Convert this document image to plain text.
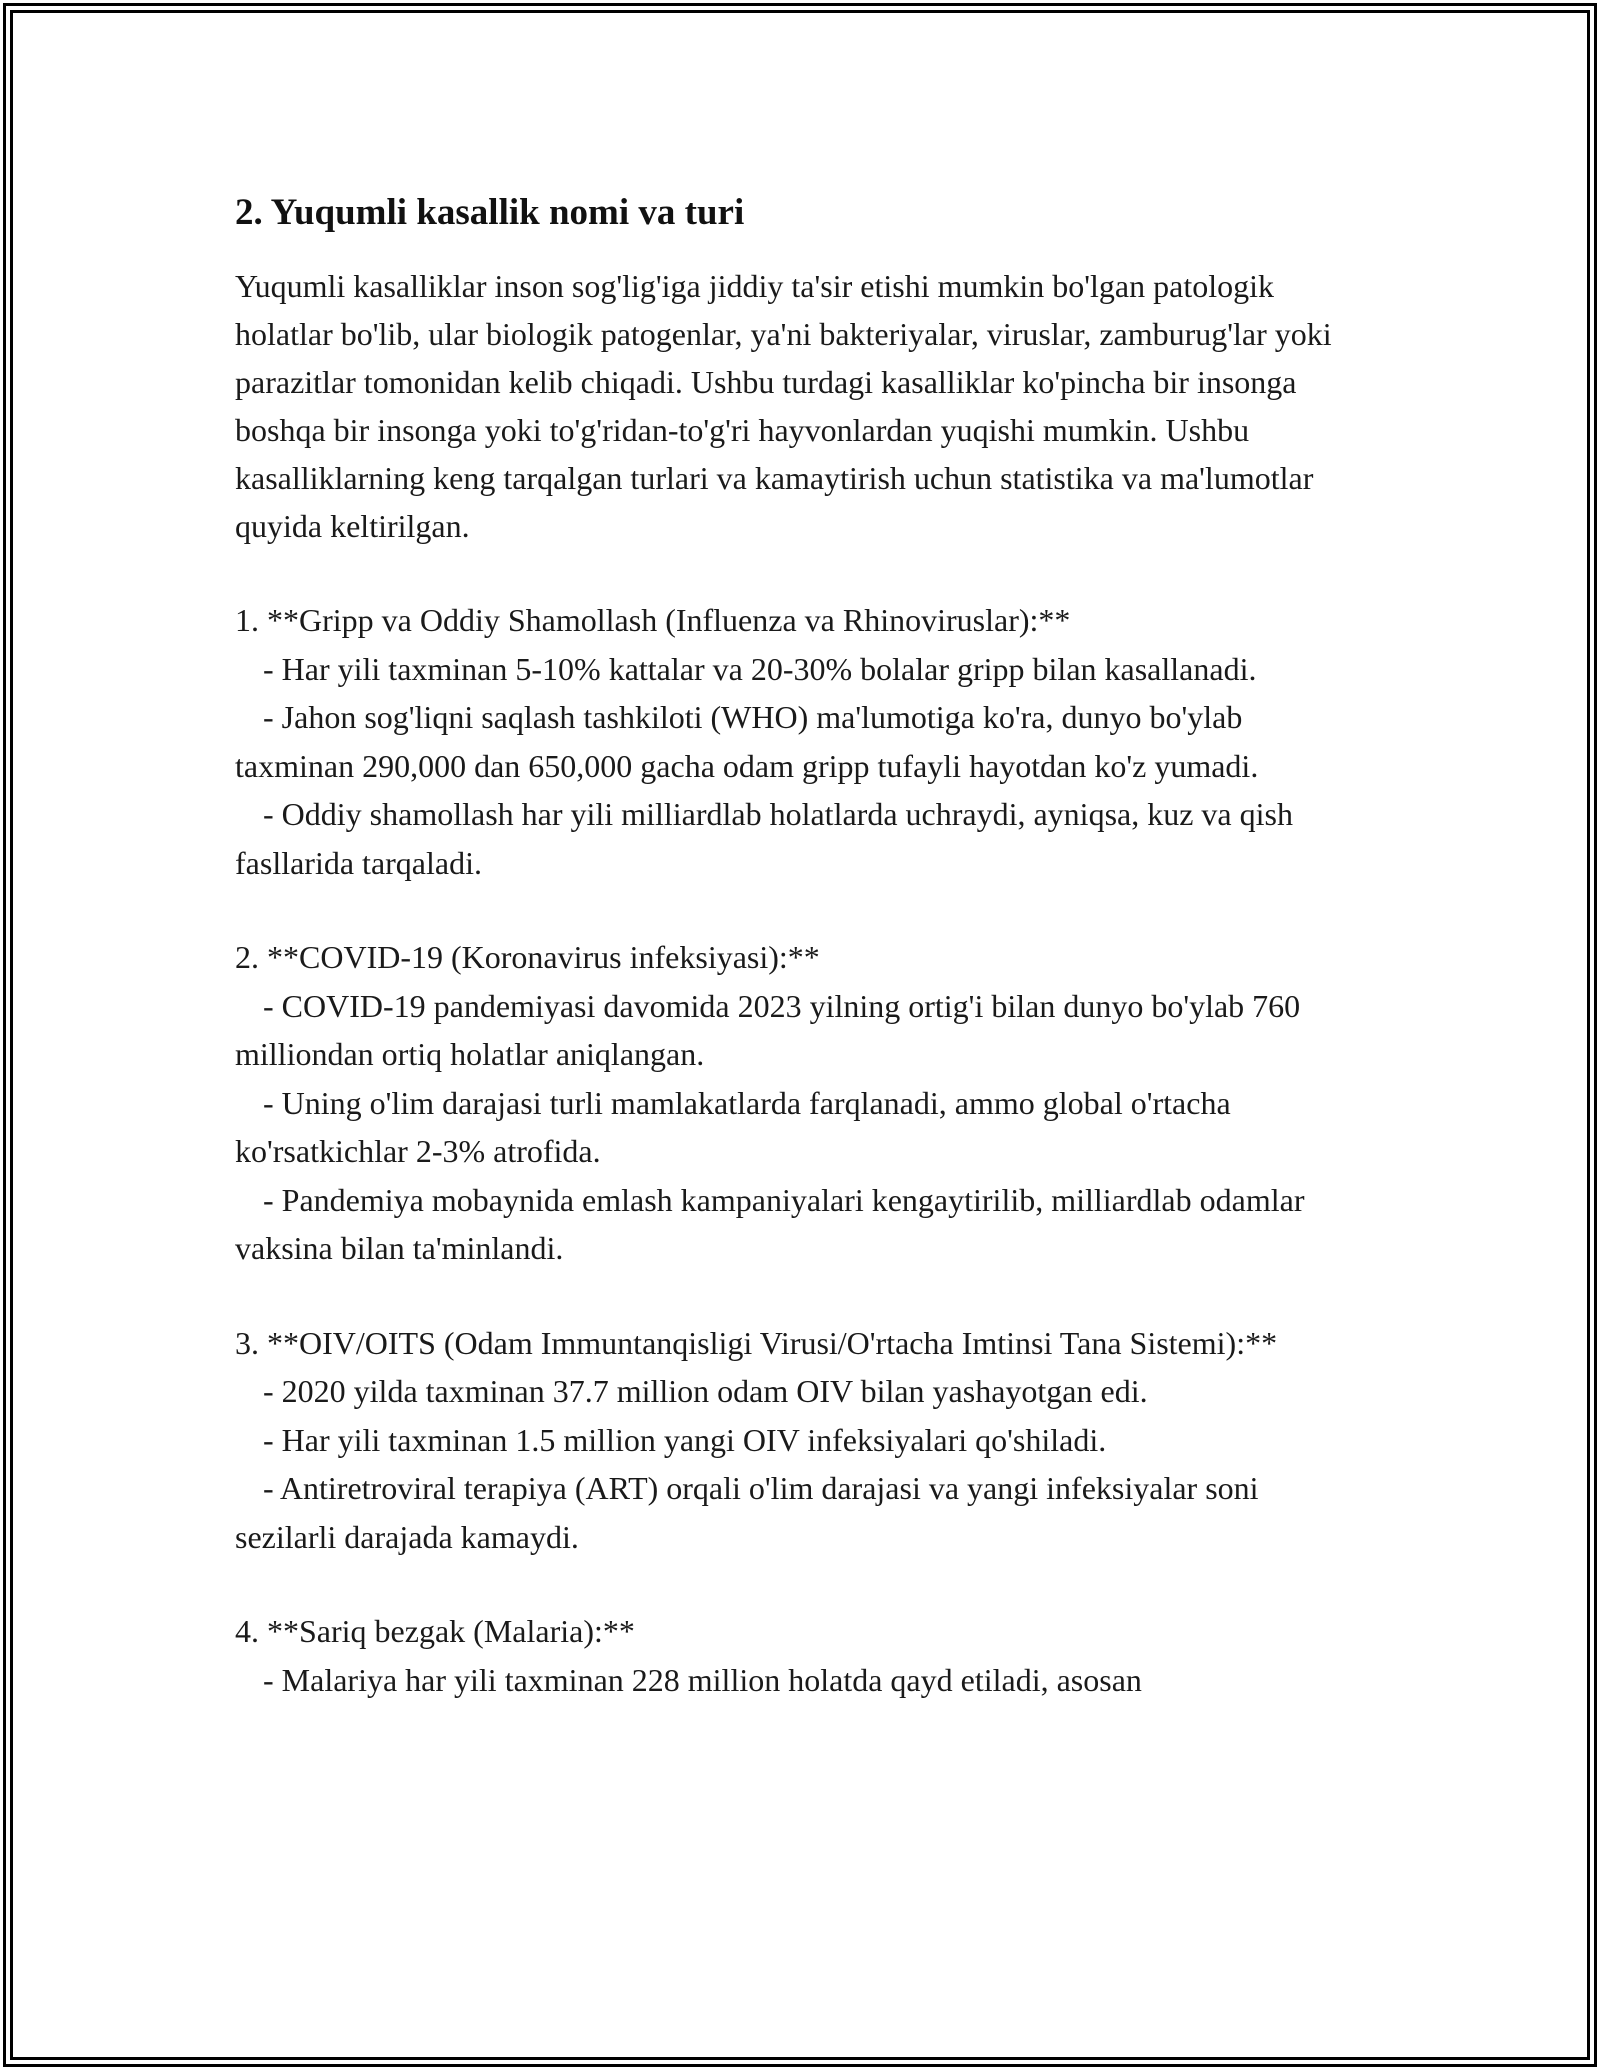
2. Yuqumli kasallik nomi va turi

Yuqumli kasalliklar inson sog'lig'iga jiddiy ta'sir etishi mumkin bo'lgan patologik holatlar bo'lib, ular biologik patogenlar, ya'ni bakteriyalar, viruslar, zamburug'lar yoki parazitlar tomonidan kelib chiqadi. Ushbu turdagi kasalliklar ko'pincha bir insonga boshqa bir insonga yoki to'g'ridan-to'g'ri hayvonlardan yuqishi mumkin. Ushbu kasalliklarning keng tarqalgan turlari va kamaytirish uchun statistika va ma'lumotlar quyida keltirilgan.

1. **Gripp va Oddiy Shamollash (Influenza va Rhinoviruslar):**
- Har yili taxminan 5-10% kattalar va 20-30% bolalar gripp bilan kasallanadi.
- Jahon sog'liqni saqlash tashkiloti (WHO) ma'lumotiga ko'ra, dunyo bo'ylab taxminan 290,000 dan 650,000 gacha odam gripp tufayli hayotdan ko'z yumadi.
- Oddiy shamollash har yili milliardlab holatlarda uchraydi, ayniqsa, kuz va qish fasllarida tarqaladi.
2. **COVID-19 (Koronavirus infeksiyasi):**
- COVID-19 pandemiyasi davomida 2023 yilning ortig'i bilan dunyo bo'ylab 760 milliondan ortiq holatlar aniqlangan.
- Uning o'lim darajasi turli mamlakatlarda farqlanadi, ammo global o'rtacha ko'rsatkichlar 2-3% atrofida.
- Pandemiya mobaynida emlash kampaniyalari kengaytirilib, milliardlab odamlar vaksina bilan ta'minlandi.
3. **OIV/OITS (Odam Immuntanqisligi Virusi/O'rtacha Imtinsi Tana Sistemi):**
- 2020 yilda taxminan 37.7 million odam OIV bilan yashayotgan edi.
- Har yili taxminan 1.5 million yangi OIV infeksiyalari qo'shiladi.
- Antiretroviral terapiya (ART) orqali o'lim darajasi va yangi infeksiyalar soni sezilarli darajada kamaydi.
4. **Sariq bezgak (Malaria):**
- Malariya har yili taxminan 228 million holatda qayd etiladi, asosan
